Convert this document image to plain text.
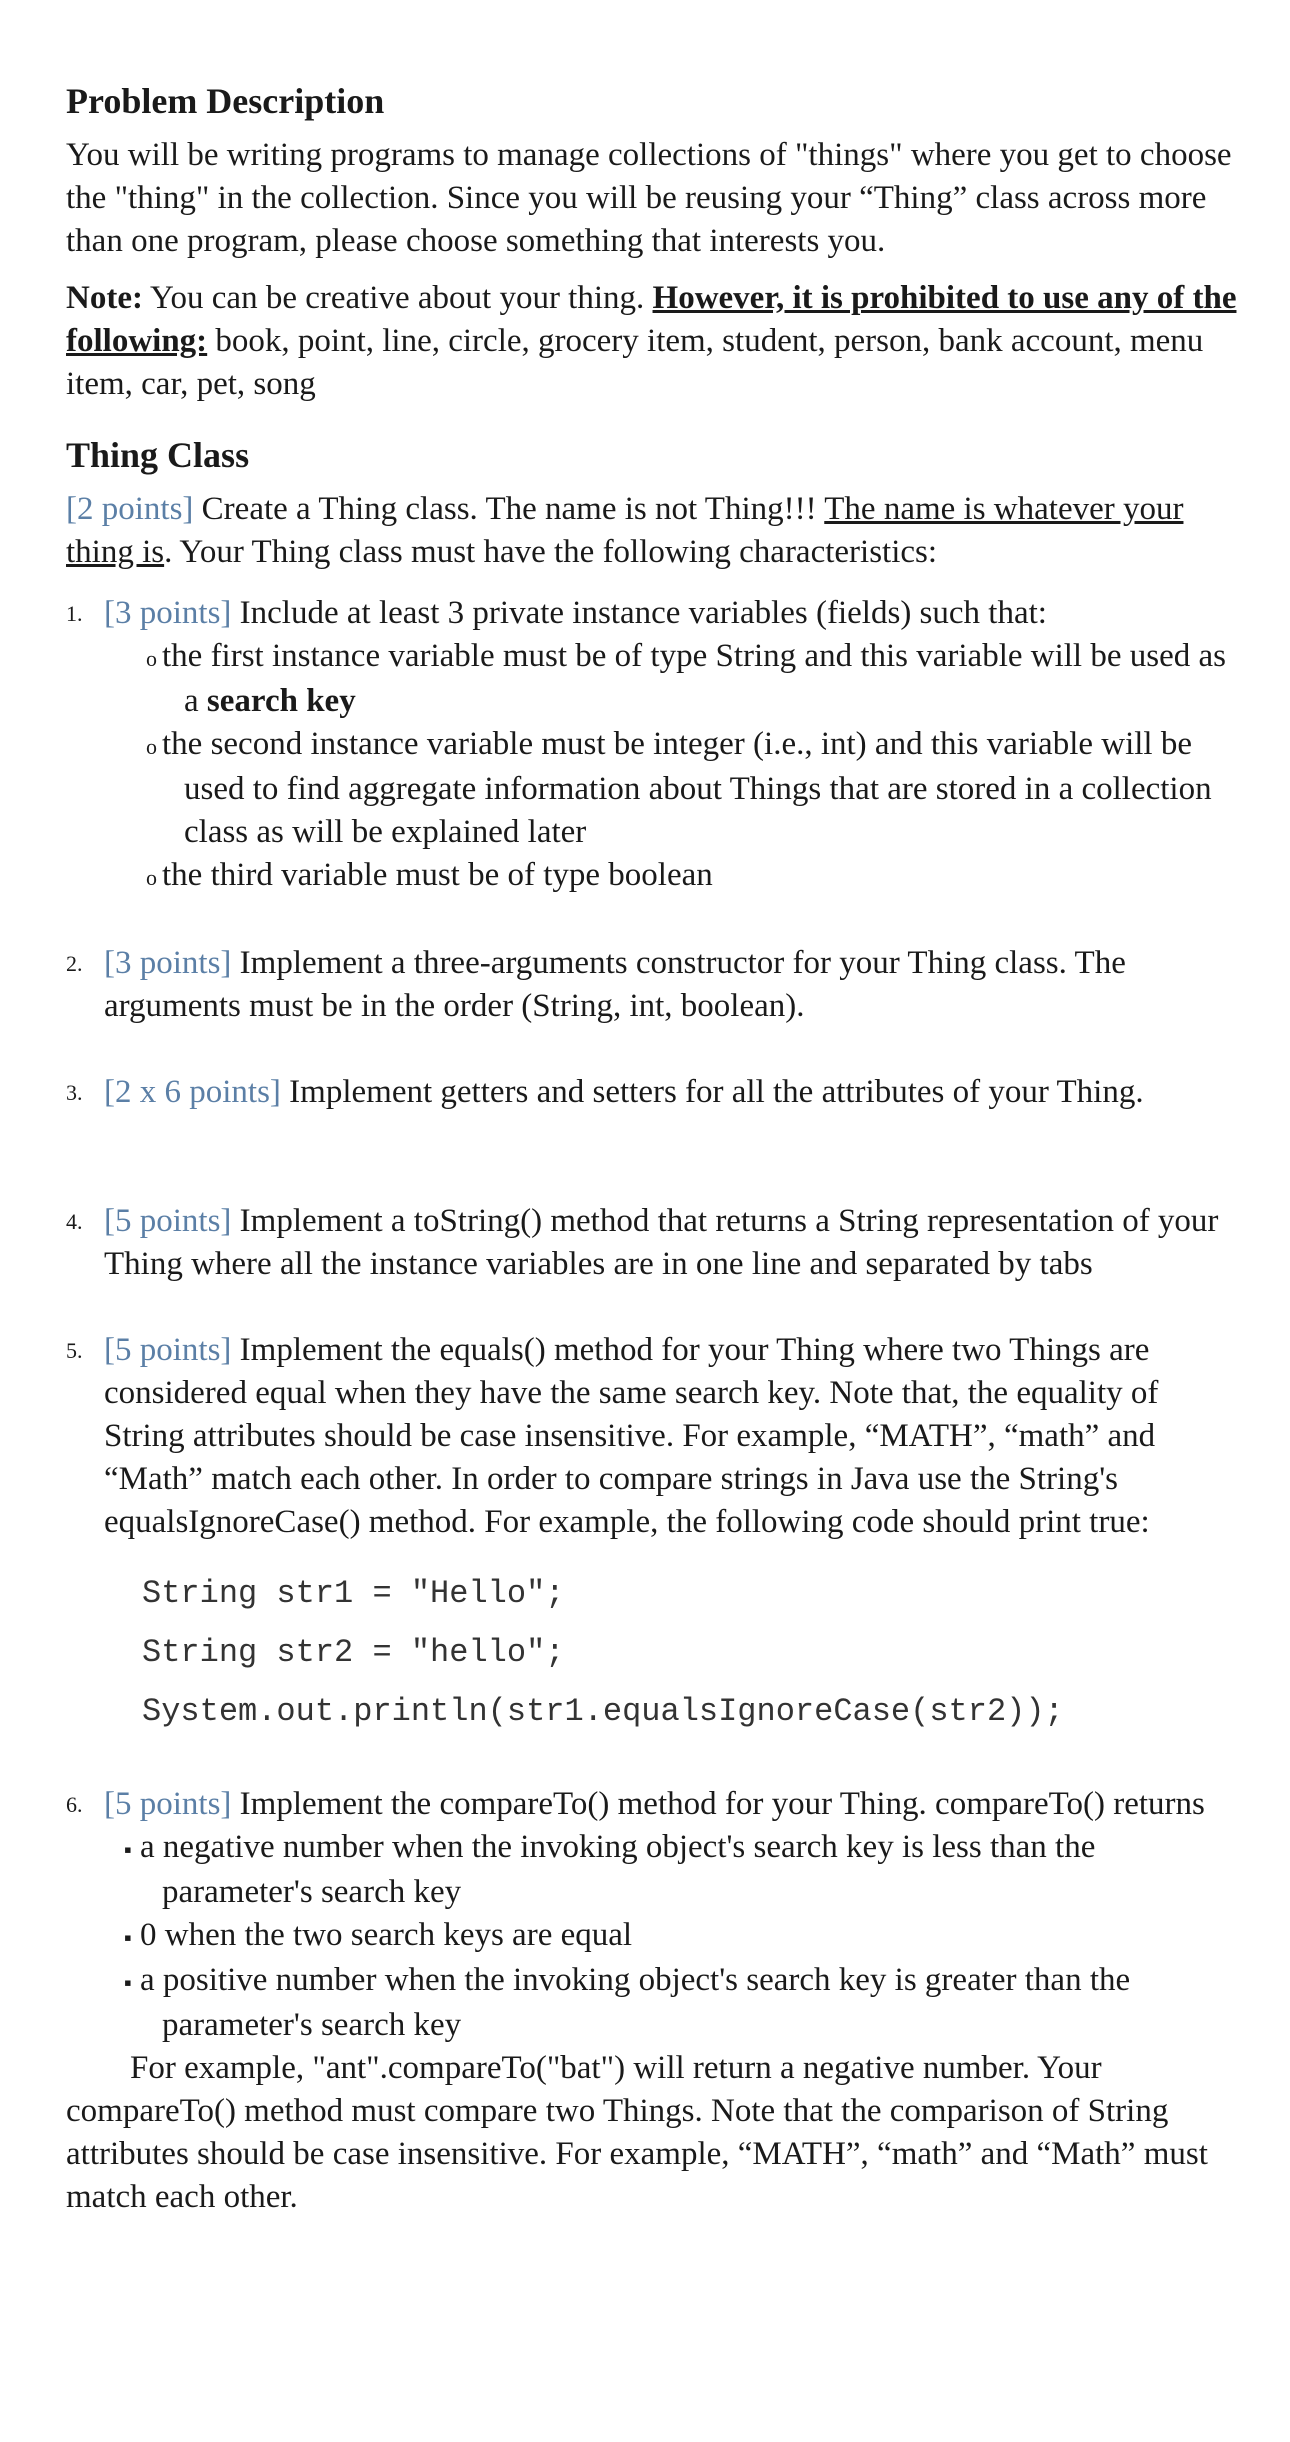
Problem Description

You will be writing programs to manage collections of "things" where you get to choose the "thing" in the collection. Since you will be reusing your “Thing” class across more than one program, please choose something that interests you.

Note: You can be creative about your thing. However, it is prohibited to use any of the following: book, point, line, circle, grocery item, student, person, bank account, menu item, car, pet, song

Thing Class

[2 points] Create a Thing class. The name is not Thing!!! The name is whatever your thing is. Your Thing class must have the following characteristics:

1. [3 points] Include at least 3 private instance variables (fields) such that:
o the first instance variable must be of type String and this variable will be used as a search key
o the second instance variable must be integer (i.e., int) and this variable will be used to find aggregate information about Things that are stored in a collection class as will be explained later
o the third variable must be of type boolean
2. [3 points] Implement a three-arguments constructor for your Thing class. The arguments must be in the order (String, int, boolean).
3. [2 x 6 points] Implement getters and setters for all the attributes of your Thing.
4. [5 points] Implement a toString() method that returns a String representation of your Thing where all the instance variables are in one line and separated by tabs
5. [5 points] Implement the equals() method for your Thing where two Things are considered equal when they have the same search key. Note that, the equality of String attributes should be case insensitive. For example, “MATH”, “math” and “Math” match each other. In order to compare strings in Java use the String's equalsIgnoreCase() method. For example, the following code should print true:
String str1 = "Hello";
String str2 = "hello";
System.out.println(str1.equalsIgnoreCase(str2));
6. [5 points] Implement the compareTo() method for your Thing. compareTo() returns
▪ a negative number when the invoking object's search key is less than the parameter's search key
▪ 0 when the two search keys are equal
▪ a positive number when the invoking object's search key is greater than the parameter's search key

For example, "ant".compareTo("bat") will return a negative number. Your compareTo() method must compare two Things. Note that the comparison of String attributes should be case insensitive. For example, “MATH”, “math” and “Math” must match each other.
